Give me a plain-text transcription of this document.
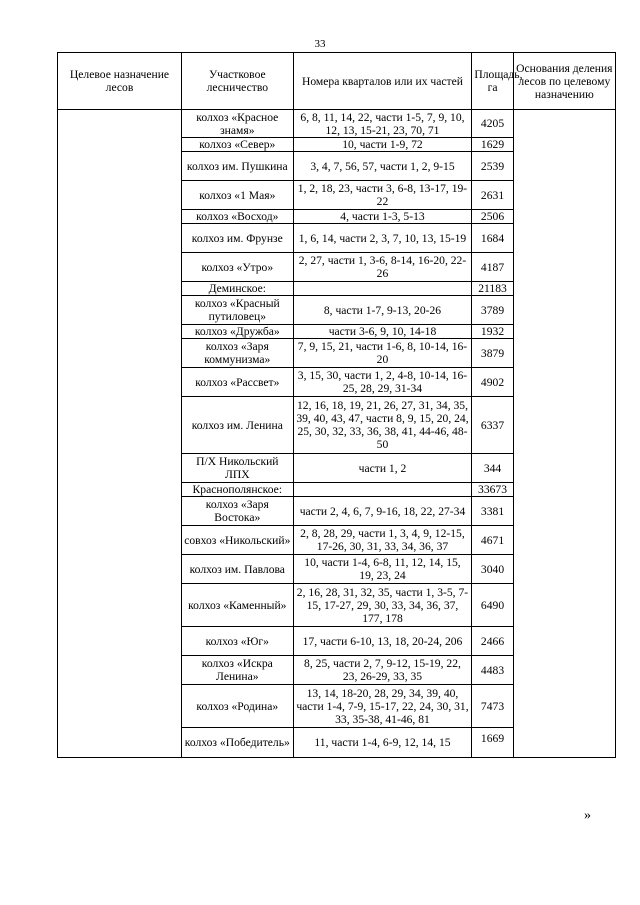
33
Целевое назначение лесов	Участковое лесничество	Номера кварталов или их частей	Площадь, га	Основания деления лесов по целевому назначению
	колхоз «Красное знамя»	6, 8, 11, 14, 22, части 1-5, 7, 9, 10, 12, 13, 15-21, 23, 70, 71	4205	
	колхоз «Север»	10, части 1-9, 72	1629	
	колхоз им. Пушкина	3, 4, 7, 56, 57, части 1, 2, 9-15	2539	
	колхоз «1 Мая»	1, 2, 18, 23, части 3, 6-8, 13-17, 19-22	2631	
	колхоз «Восход»	4, части 1-3, 5-13	2506	
	колхоз им. Фрунзе	1, 6, 14, части 2, 3, 7, 10, 13, 15-19	1684	
	колхоз «Утро»	2, 27, части 1, 3-6, 8-14, 16-20, 22-26	4187	
	Деминское:		21183	
	колхоз «Красный путиловец»	8, части 1-7, 9-13, 20-26	3789	
	колхоз «Дружба»	части 3-6, 9, 10, 14-18	1932	
	колхоз «Заря коммунизма»	7, 9, 15, 21, части 1-6, 8, 10-14, 16-20	3879	
	колхоз «Рассвет»	3, 15, 30, части 1, 2, 4-8, 10-14, 16-25, 28, 29, 31-34	4902	
	колхоз им. Ленина	12, 16, 18, 19, 21, 26, 27, 31, 34, 35, 39, 40, 43, 47, части 8, 9, 15, 20, 24, 25, 30, 32, 33, 36, 38, 41, 44-46, 48-50	6337	
	П/Х Никольский ЛПХ	части 1, 2	344	
	Краснополянское:		33673	
	колхоз «Заря Востока»	части 2, 4, 6, 7, 9-16, 18, 22, 27-34	3381	
	совхоз «Никольский»	2, 8, 28, 29, части 1, 3, 4, 9, 12-15, 17-26, 30, 31, 33, 34, 36, 37	4671	
	колхоз им. Павлова	10, части 1-4, 6-8, 11, 12, 14, 15, 19, 23, 24	3040	
	колхоз «Каменный»	2, 16, 28, 31, 32, 35, части 1, 3-5, 7-15, 17-27, 29, 30, 33, 34, 36, 37, 177, 178	6490	
	колхоз «Юг»	17, части 6-10, 13, 18, 20-24, 206	2466	
	колхоз «Искра Ленина»	8, 25, части 2, 7, 9-12, 15-19, 22, 23, 26-29, 33, 35	4483	
	колхоз «Родина»	13, 14, 18-20, 28, 29, 34, 39, 40, части 1-4, 7-9, 15-17, 22, 24, 30, 31, 33, 35-38, 41-46, 81	7473	
	колхоз «Победитель»	11, части 1-4, 6-9, 12, 14, 15	1669	
»
